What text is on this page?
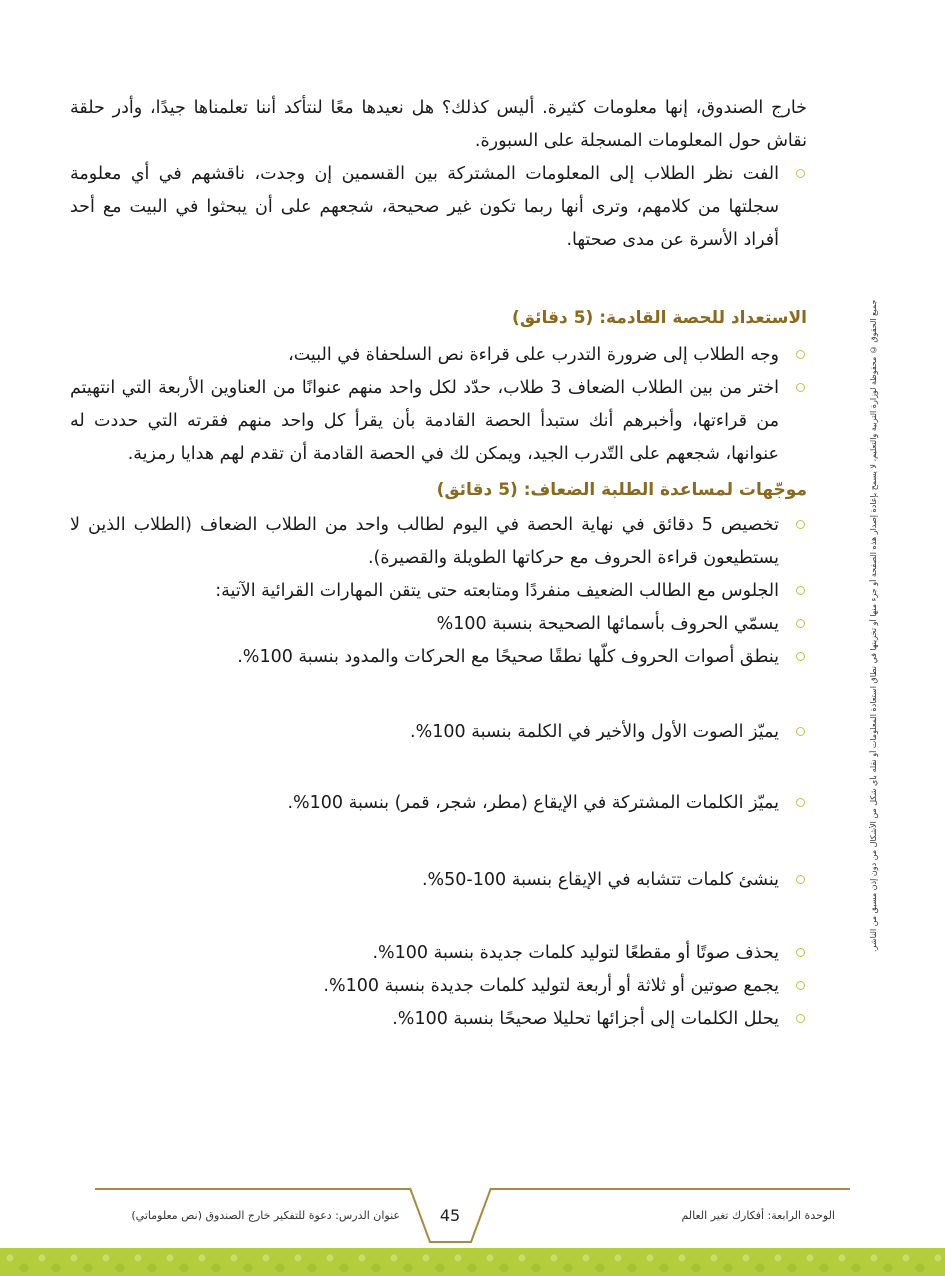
خارج الصندوق، إنها معلومات كثيرة. أليس كذلك؟ هل نعيدها معًا لنتأكد أننا تعلمناها جيدًا، وأدر حلقة نقاش حول المعلومات المسجلة على السبورة.

الفت نظر الطلاب إلى المعلومات المشتركة بين القسمين إن وجدت، ناقشهم في أي معلومة سجلتها من كلامهم، وترى أنها ربما تكون غير صحيحة، شجعهم على أن يبحثوا في البيت مع أحد أفراد الأسرة عن مدى صحتها.

الاستعداد للحصة القادمة: (5 دقائق)

وجه الطلاب إلى ضرورة التدرب على قراءة نص السلحفاة في البيت،

اختر من بين الطلاب الضعاف 3 طلاب، حدّد لكل واحد منهم عنوانًا من العناوين الأربعة التي انتهيتم من قراءتها، وأخبرهم أنك ستبدأ الحصة القادمة بأن يقرأ كل واحد منهم فقرته التي حددت له عنوانها، شجعهم على التّدرب الجيد، ويمكن لك في الحصة القادمة أن تقدم لهم هدايا رمزية.

موجّهات لمساعدة الطلبة الضعاف: (5 دقائق)

تخصيص 5 دقائق في نهاية الحصة في اليوم لطالب واحد من الطلاب الضعاف (الطلاب الذين لا يستطيعون قراءة الحروف مع حركاتها الطويلة والقصيرة).

الجلوس مع الطالب الضعيف منفردًا ومتابعته حتى يتقن المهارات القرائية الآتية:

يسمّي الحروف بأسمائها الصحيحة بنسبة 100%

ينطق أصوات الحروف كلّها نطقًا صحيحًا مع الحركات والمدود بنسبة 100%.

يميّز الصوت الأول والأخير في الكلمة بنسبة 100%.

يميّز الكلمات المشتركة في الإيقاع (مطر، شجر، قمر) بنسبة 100%.

ينشئ كلمات تتشابه في الإيقاع بنسبة 100-50%.

يحذف صوتًا أو مقطعًا لتوليد كلمات جديدة بنسبة 100%.

يجمع صوتين أو ثلاثة أو أربعة لتوليد كلمات جديدة بنسبة 100%.

يحلل الكلمات إلى أجزائها تحليلا صحيحًا بنسبة 100%.

جميع الحقوق © محفوظة لوزارة التربية والتعليم، لا يسمح بإعادة إصدار هذه الصفحة أو جزء منها أو تخزينها في نطاق استعادة المعلومات أو نقله بأي شكل من الأشكال من دون إذن مسبق من الناشر.
45	الوحدة الرابعة: أفكارك تغير العالم
عنوان الدرس: دعوة للتفكير خارج الصندوق (نص معلوماتي)
